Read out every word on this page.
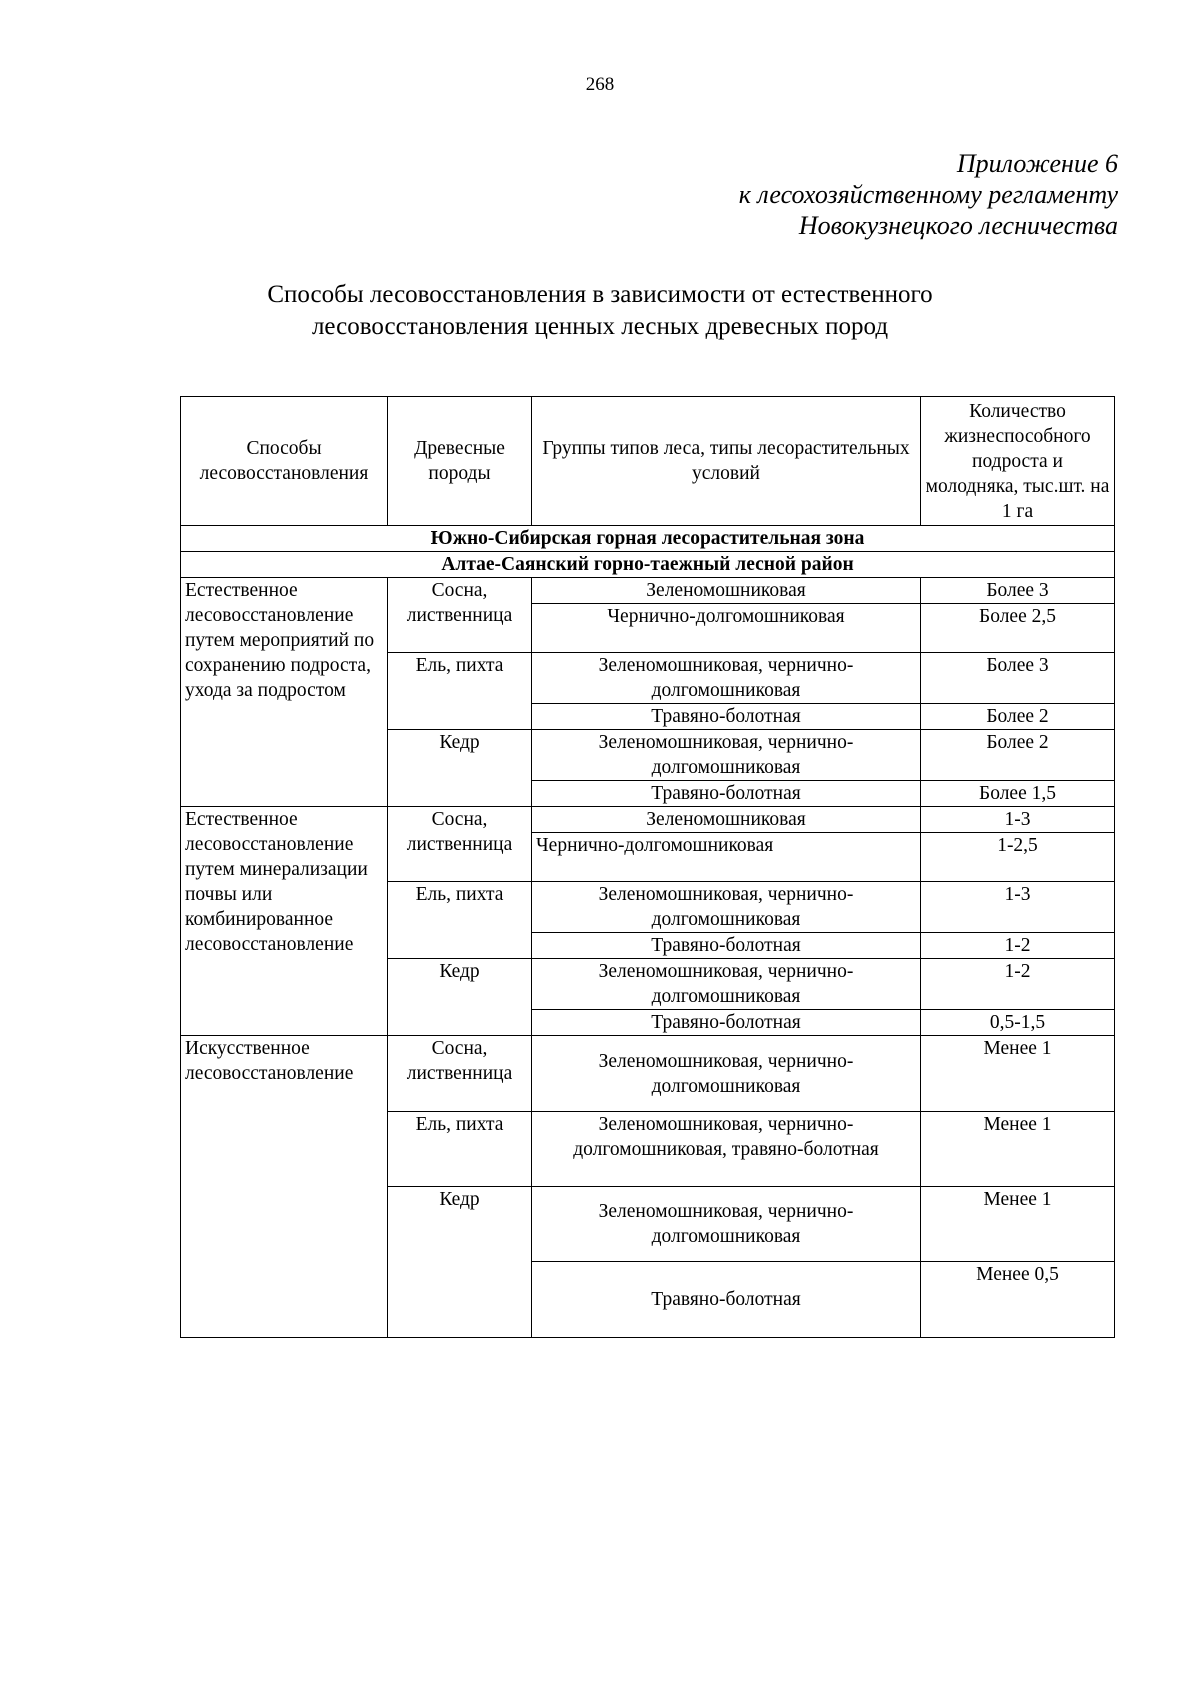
268
Приложение 6
к лесохозяйственному регламенту
Новокузнецкого лесничества
Способы лесовосстановления в зависимости от естественного
лесовосстановления ценных лесных древесных пород
Способы лесовосстановления	Древесные породы	Группы типов леса, типы лесорастительных условий	Количество жизнеспособного подроста и молодняка, тыс.шт. на 1 га
Южно-Сибирская горная лесорастительная зона			
Алтае-Саянский горно-таежный лесной район			
Естественное лесовосстановление путем мероприятий по сохранению подроста, ухода за подростом	Сосна, лиственница	Зеленомошниковая	Более 3
		Чернично-долгомошниковая	Более 2,5
	Ель, пихта	Зеленомошниковая, чернично-долгомошниковая	Более 3
		Травяно-болотная	Более 2
	Кедр	Зеленомошниковая, чернично-долгомошниковая	Более 2
		Травяно-болотная	Более 1,5
Естественное лесовосстановление путем минерализации почвы или комбинированное лесовосстановление	Сосна, лиственница	Зеленомошниковая	1-3
		Чернично-долгомошниковая	1-2,5
	Ель, пихта	Зеленомошниковая, чернично-долгомошниковая	1-3
		Травяно-болотная	1-2
	Кедр	Зеленомошниковая, чернично-долгомошниковая	1-2
		Травяно-болотная	0,5-1,5
Искусственное лесовосстановление	Сосна, лиственница	Зеленомошниковая, чернично-долгомошниковая	Менее 1
	Ель, пихта	Зеленомошниковая, чернично-долгомошниковая, травяно-болотная	Менее 1
	Кедр	Зеленомошниковая, чернично-долгомошниковая	Менее 1
		Травяно-болотная	Менее 0,5
